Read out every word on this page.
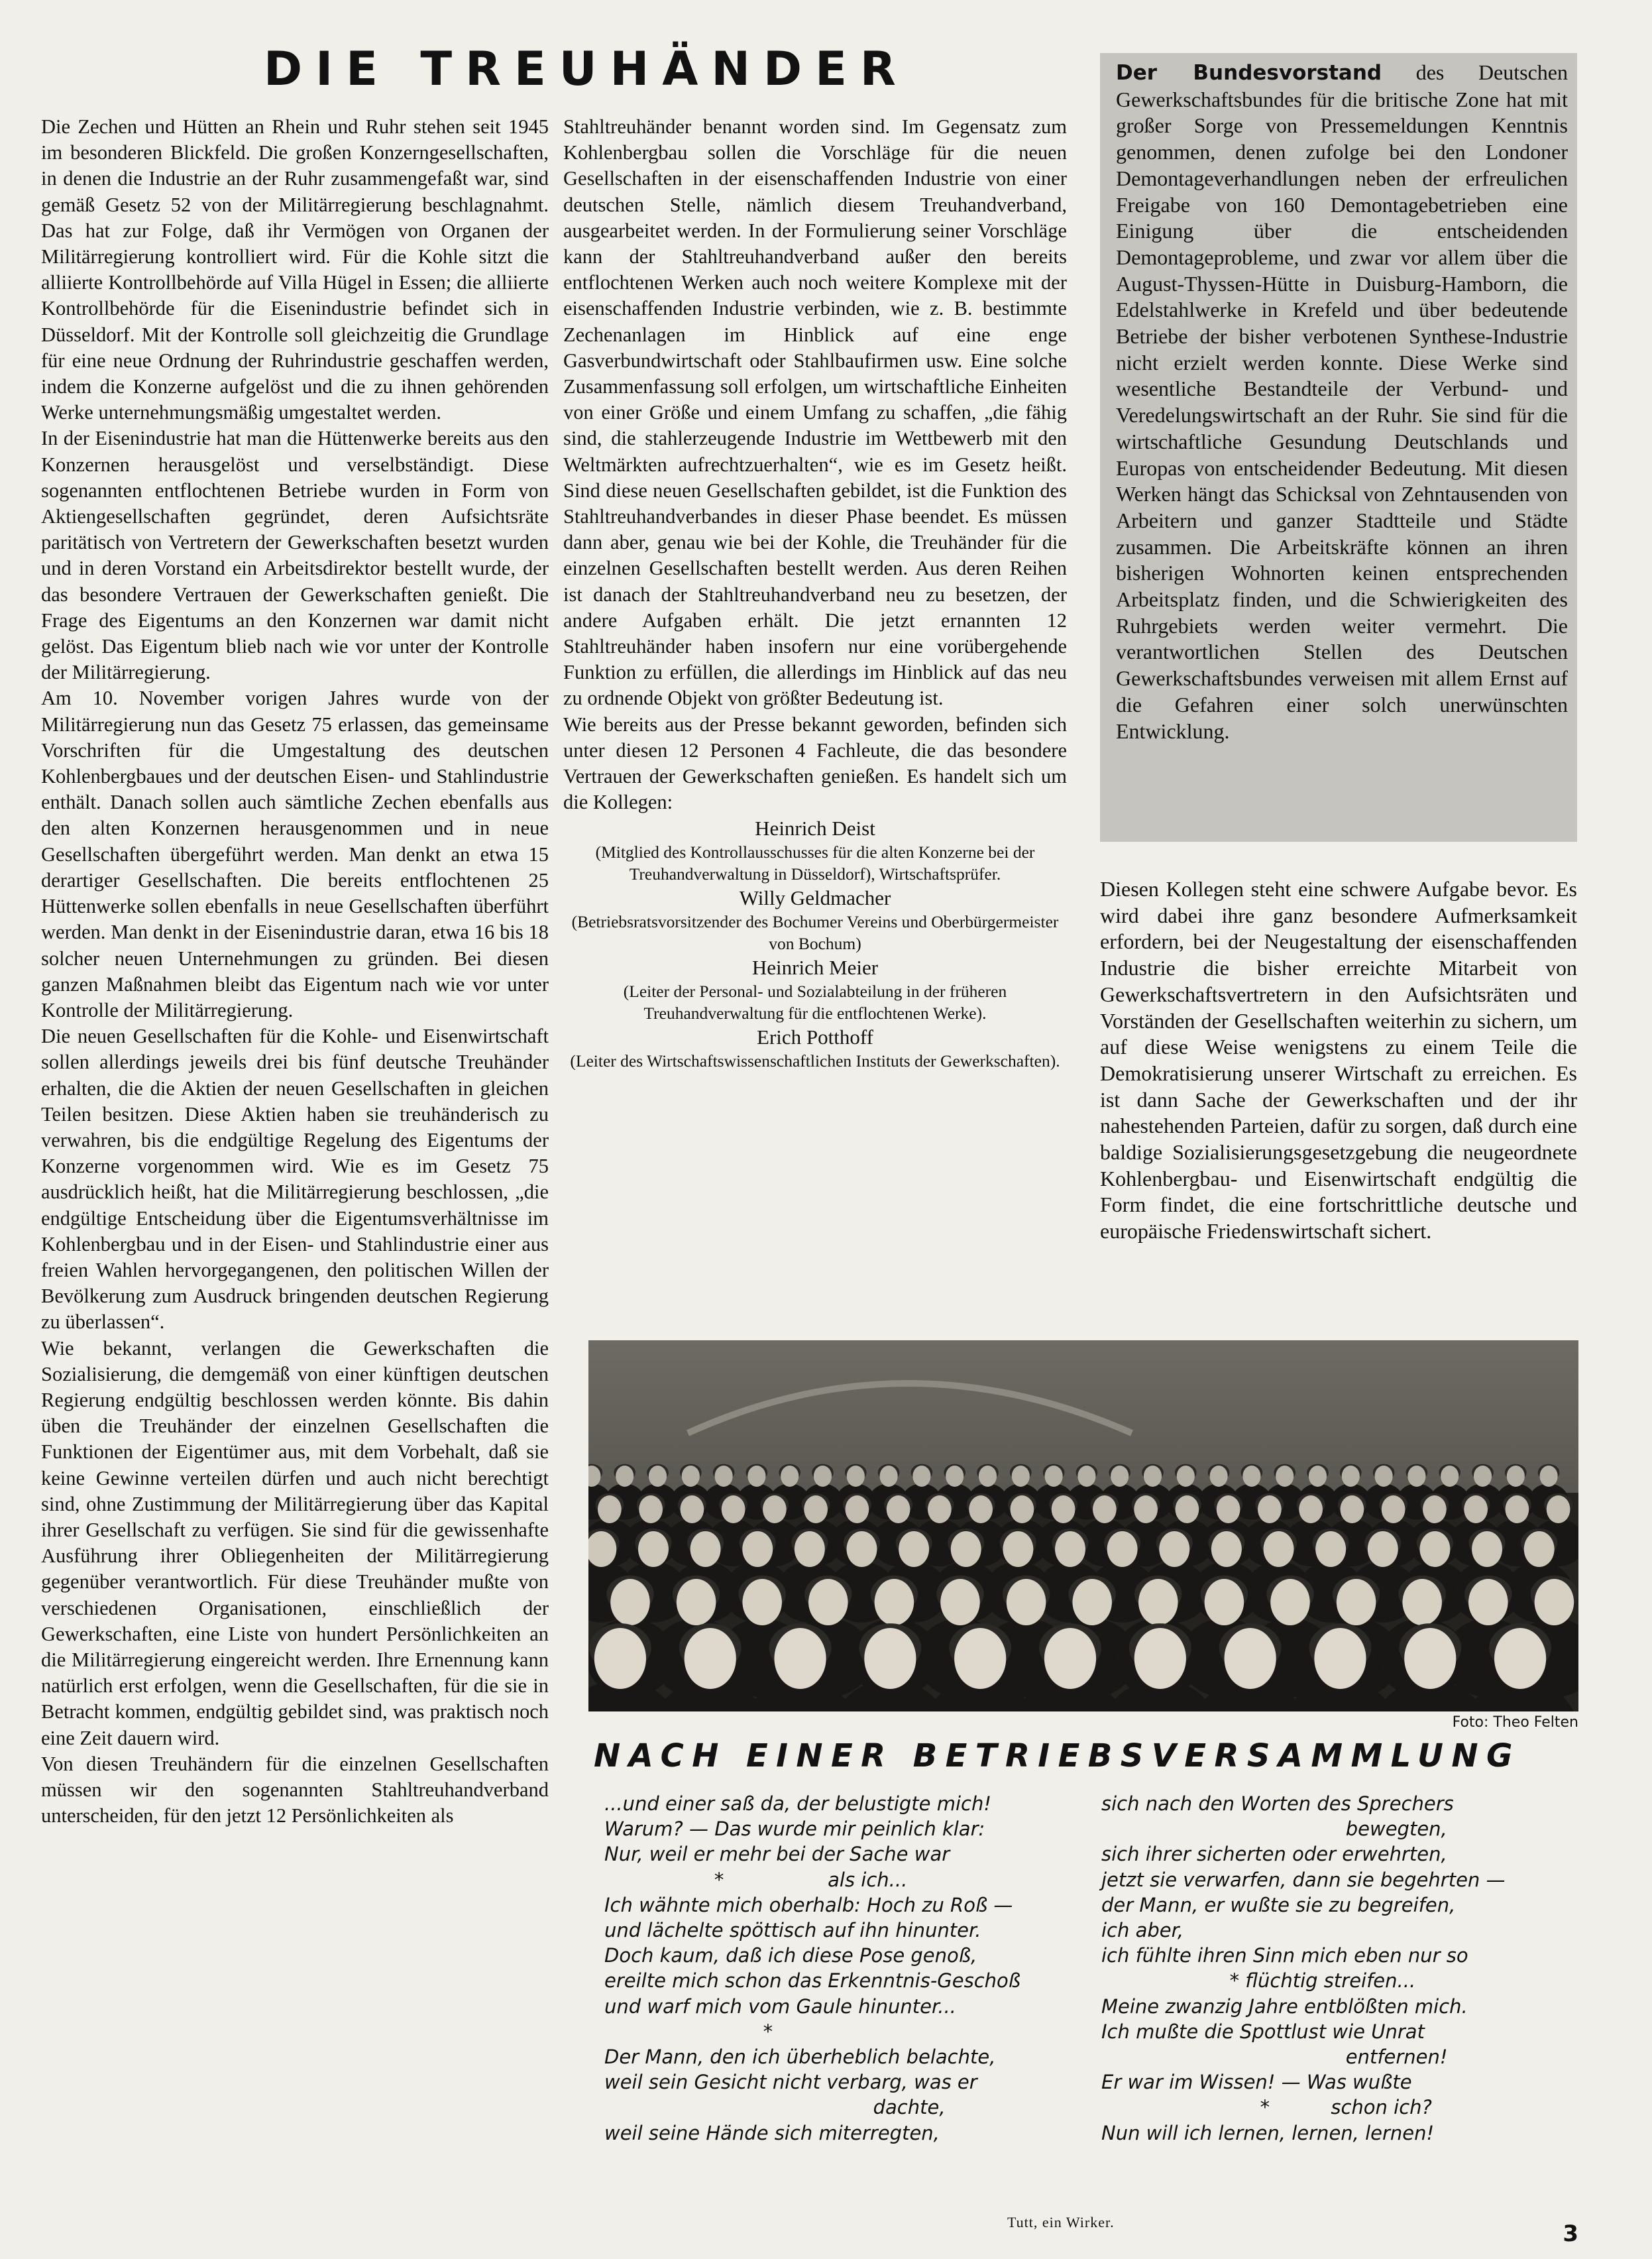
DIE TREUHÄNDER

Die Zechen und Hütten an Rhein und Ruhr stehen seit 1945 im besonderen Blickfeld. Die großen Konzerngesellschaften, in denen die Industrie an der Ruhr zusammengefaßt war, sind gemäß Gesetz 52 von der Militärregierung beschlagnahmt. Das hat zur Folge, daß ihr Vermögen von Organen der Militärregierung kontrolliert wird. Für die Kohle sitzt die alliierte Kontrollbehörde auf Villa Hügel in Essen; die alliierte Kontrollbehörde für die Eisenindustrie befindet sich in Düsseldorf. Mit der Kontrolle soll gleichzeitig die Grundlage für eine neue Ordnung der Ruhrindustrie geschaffen werden, indem die Konzerne aufgelöst und die zu ihnen gehörenden Werke unternehmungsmäßig umgestaltet werden.

In der Eisenindustrie hat man die Hüttenwerke bereits aus den Konzernen herausgelöst und verselbständigt. Diese sogenannten entflochtenen Betriebe wurden in Form von Aktiengesellschaften gegründet, deren Aufsichtsräte paritätisch von Vertretern der Gewerkschaften besetzt wurden und in deren Vorstand ein Arbeitsdirektor bestellt wurde, der das besondere Vertrauen der Gewerkschaften genießt. Die Frage des Eigentums an den Konzernen war damit nicht gelöst. Das Eigentum blieb nach wie vor unter der Kontrolle der Militärregierung.

Am 10. November vorigen Jahres wurde von der Militärregierung nun das Gesetz 75 erlassen, das gemeinsame Vorschriften für die Umgestaltung des deutschen Kohlenbergbaues und der deutschen Eisen- und Stahlindustrie enthält. Danach sollen auch sämtliche Zechen ebenfalls aus den alten Konzernen herausgenommen und in neue Gesellschaften übergeführt werden. Man denkt an etwa 15 derartiger Gesellschaften. Die bereits entflochtenen 25 Hüttenwerke sollen ebenfalls in neue Gesellschaften überführt werden. Man denkt in der Eisenindustrie daran, etwa 16 bis 18 solcher neuen Unternehmungen zu gründen. Bei diesen ganzen Maßnahmen bleibt das Eigentum nach wie vor unter Kontrolle der Militärregierung.

Die neuen Gesellschaften für die Kohle- und Eisenwirtschaft sollen allerdings jeweils drei bis fünf deutsche Treuhänder erhalten, die die Aktien der neuen Gesellschaften in gleichen Teilen besitzen. Diese Aktien haben sie treuhänderisch zu verwahren, bis die endgültige Regelung des Eigentums der Konzerne vorgenommen wird. Wie es im Gesetz 75 ausdrücklich heißt, hat die Militärregierung beschlossen, „die endgültige Entscheidung über die Eigentumsverhältnisse im Kohlenbergbau und in der Eisen- und Stahlindustrie einer aus freien Wahlen hervorgegangenen, den politischen Willen der Bevölkerung zum Ausdruck bringenden deutschen Regierung zu überlassen“.

Wie bekannt, verlangen die Gewerkschaften die Sozialisierung, die demgemäß von einer künftigen deutschen Regierung endgültig beschlossen werden könnte. Bis dahin üben die Treuhänder der einzelnen Gesellschaften die Funktionen der Eigentümer aus, mit dem Vorbehalt, daß sie keine Gewinne verteilen dürfen und auch nicht berechtigt sind, ohne Zustimmung der Militärregierung über das Kapital ihrer Gesellschaft zu verfügen. Sie sind für die gewissenhafte Ausführung ihrer Obliegenheiten der Militärregierung gegenüber verantwortlich. Für diese Treuhänder mußte von verschiedenen Organisationen, einschließlich der Gewerkschaften, eine Liste von hundert Persönlichkeiten an die Militärregierung eingereicht werden. Ihre Ernennung kann natürlich erst erfolgen, wenn die Gesellschaften, für die sie in Betracht kommen, endgültig gebildet sind, was praktisch noch eine Zeit dauern wird.

Von diesen Treuhändern für die einzelnen Gesellschaften müssen wir den sogenannten Stahltreuhandverband unterscheiden, für den jetzt 12 Persönlichkeiten als

Stahltreuhänder benannt worden sind. Im Gegensatz zum Kohlenbergbau sollen die Vorschläge für die neuen Gesellschaften in der eisenschaffenden Industrie von einer deutschen Stelle, nämlich diesem Treuhandverband, ausgearbeitet werden. In der Formulierung seiner Vorschläge kann der Stahltreuhandverband außer den bereits entflochtenen Werken auch noch weitere Komplexe mit der eisenschaffenden Industrie verbinden, wie z. B. bestimmte Zechenanlagen im Hinblick auf eine enge Gasverbundwirtschaft oder Stahlbaufirmen usw. Eine solche Zusammenfassung soll erfolgen, um wirtschaftliche Einheiten von einer Größe und einem Umfang zu schaffen, „die fähig sind, die stahlerzeugende Industrie im Wettbewerb mit den Weltmärkten aufrechtzuerhalten“, wie es im Gesetz heißt. Sind diese neuen Gesellschaften gebildet, ist die Funktion des Stahltreuhandverbandes in dieser Phase beendet. Es müssen dann aber, genau wie bei der Kohle, die Treuhänder für die einzelnen Gesellschaften bestellt werden. Aus deren Reihen ist danach der Stahltreuhandverband neu zu besetzen, der andere Aufgaben erhält. Die jetzt ernannten 12 Stahltreuhänder haben insofern nur eine vorübergehende Funktion zu erfüllen, die allerdings im Hinblick auf das neu zu ordnende Objekt von größter Bedeutung ist.

Wie bereits aus der Presse bekannt geworden, befinden sich unter diesen 12 Personen 4 Fachleute, die das besondere Vertrauen der Gewerkschaften genießen. Es handelt sich um die Kollegen:

Heinrich Deist
(Mitglied des Kontrollausschusses für die alten Konzerne bei der Treuhandverwaltung in Düsseldorf), Wirtschaftsprüfer.
Willy Geldmacher
(Betriebsratsvorsitzender des Bochumer Vereins und Oberbürgermeister von Bochum)
Heinrich Meier
(Leiter der Personal- und Sozialabteilung in der früheren Treuhandverwaltung für die entflochtenen Werke).
Erich Potthoff
(Leiter des Wirtschaftswissenschaftlichen Instituts der Gewerkschaften).
Der Bundesvorstand des Deutschen Gewerkschaftsbundes für die britische Zone hat mit großer Sorge von Pressemeldungen Kenntnis genommen, denen zufolge bei den Londoner Demontageverhandlungen neben der erfreulichen Freigabe von 160 Demontagebetrieben eine Einigung über die entscheidenden Demontageprobleme, und zwar vor allem über die August-Thyssen-Hütte in Duisburg-Hamborn, die Edelstahlwerke in Krefeld und über bedeutende Betriebe der bisher verbotenen Synthese-Industrie nicht erzielt werden konnte. Diese Werke sind wesentliche Bestandteile der Verbund- und Veredelungswirtschaft an der Ruhr. Sie sind für die wirtschaftliche Gesundung Deutschlands und Europas von entscheidender Bedeutung. Mit diesen Werken hängt das Schicksal von Zehntausenden von Arbeitern und ganzer Stadtteile und Städte zusammen. Die Arbeitskräfte können an ihren bisherigen Wohnorten keinen entsprechenden Arbeitsplatz finden, und die Schwierigkeiten des Ruhrgebiets werden weiter vermehrt. Die verantwortlichen Stellen des Deutschen Gewerkschaftsbundes verweisen mit allem Ernst auf die Gefahren einer solch unerwünschten Entwicklung.
Diesen Kollegen steht eine schwere Aufgabe bevor. Es wird dabei ihre ganz besondere Aufmerksamkeit erfordern, bei der Neugestaltung der eisenschaffenden Industrie die bisher erreichte Mitarbeit von Gewerkschaftsvertretern in den Aufsichtsräten und Vorständen der Gesellschaften weiterhin zu sichern, um auf diese Weise wenigstens zu einem Teile die Demokratisierung unserer Wirtschaft zu erreichen. Es ist dann Sache der Gewerkschaften und der ihr nahestehenden Parteien, dafür zu sorgen, daß durch eine baldige Sozialisierungsgesetzgebung die neugeordnete Kohlenbergbau- und Eisenwirtschaft endgültig die Form findet, die eine fortschrittliche deutsche und europäische Friedenswirtschaft sichert.
Foto: Theo Felten
NACH EINER BETRIEBSVERSAMMLUNG
...und einer saß da, der belustigte mich!
Warum? — Das wurde mir peinlich klar:
Nur, weil er mehr bei der Sache war
*                 als ich...
Ich wähnte mich oberhalb: Hoch zu Roß —
und lächelte spöttisch auf ihn hinunter.
Doch kaum, daß ich diese Pose genoß,
ereilte mich schon das Erkenntnis-Geschoß
und warf mich vom Gaule hinunter...
*
Der Mann, den ich überheblich belachte,
weil sein Gesicht nicht verbarg, was er
dachte,
weil seine Hände sich miterregten,
sich nach den Worten des Sprechers
bewegten,
sich ihrer sicherten oder erwehrten,
jetzt sie verwarfen, dann sie begehrten —
der Mann, er wußte sie zu begreifen,
ich aber,
ich fühlte ihren Sinn mich eben nur so
* flüchtig streifen...
Meine zwanzig Jahre entblößten mich.
Ich mußte die Spottlust wie Unrat
entfernen!
Er war im Wissen! — Was wußte
*          schon ich?
Nun will ich lernen, lernen, lernen!
Tutt, ein Wirker.	3
